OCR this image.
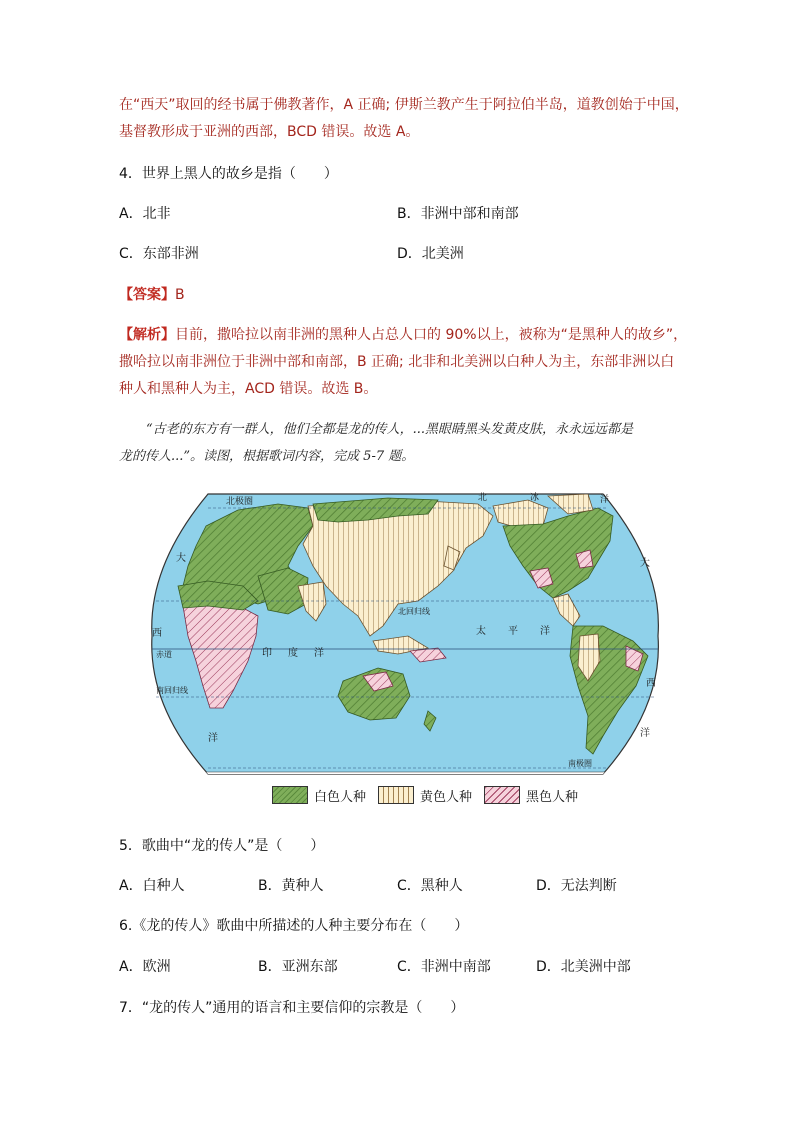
在“西天”取回的经书属于佛教著作，A 正确; 伊斯兰教产生于阿拉伯半岛，道教创始于中国，
基督教形成于亚洲的西部，BCD 错误。故选 A。
4．世界上黑人的故乡是指（　　）
A．北非	B．非洲中部和南部
C．东部非洲	D．北美洲
【答案】B
【解析】目前，撒哈拉以南非洲的黑种人占总人口的 90%以上，被称为“是黑种人的故乡”，
撒哈拉以南非洲位于非洲中部和南部，B 正确; 北非和北美洲以白种人为主，东部非洲以白
种人和黑种人为主，ACD 错误。故选 B。
“古老的东方有一群人，他们全都是龙的传人，...黑眼睛黑头发黄皮肤，永永远远都是
龙的传人...”。读图，根据歌词内容，完成 5-7 题。
北极圈	北	冰	洋
大
西
北回归线
赤道	印 度 洋
太 平 洋
南回归线
洋
南极圈
大
西
洋
白色人种	黄色人种	黑色人种
5．歌曲中“龙的传人”是（　　）
A．白种人	B．黄种人	C．黑种人	D．无法判断
6.《龙的传人》歌曲中所描述的人种主要分布在（　　）
A．欧洲	B．亚洲东部	C．非洲中南部	D．北美洲中部
7．“龙的传人”通用的语言和主要信仰的宗教是（　　）
